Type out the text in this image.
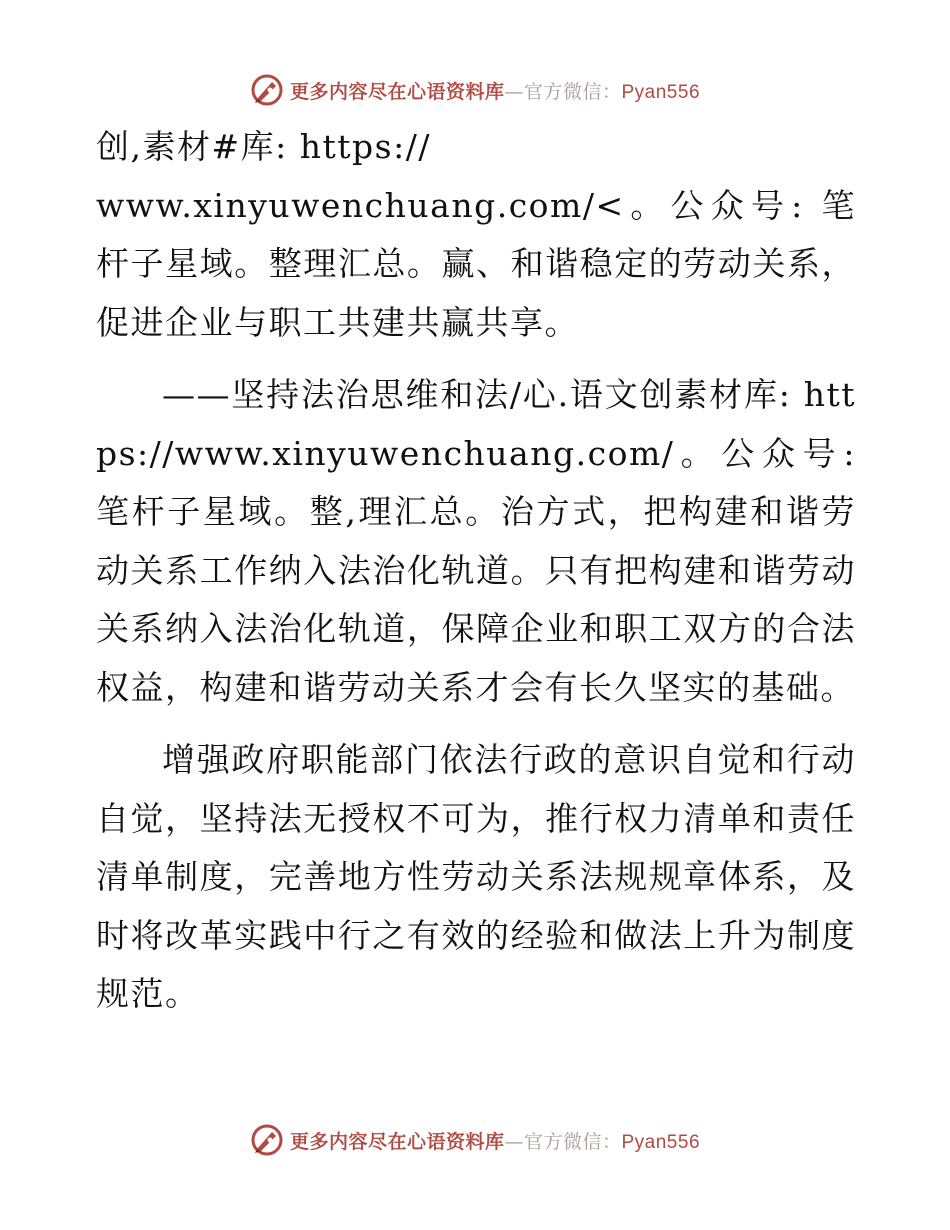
更多内容尽在心语资料库—官方微信：Pyan556

创,素材#库: https://
www.xinyuwenchuang.com/<。公众号: 笔杆子星域。整理汇总。赢、和谐稳定的劳动关系，促进企业与职工共建共赢共享。

——坚持法治思维和法/心.语文创素材库: https://www.xinyuwenchuang.com/。公众号: 笔杆子星域。整,理汇总。治方式，把构建和谐劳动关系工作纳入法治化轨道。只有把构建和谐劳动关系纳入法治化轨道，保障企业和职工双方的合法权益，构建和谐劳动关系才会有长久坚实的基础。

增强政府职能部门依法行政的意识自觉和行动自觉，坚持法无授权不可为，推行权力清单和责任清单制度，完善地方性劳动关系法规规章体系，及时将改革实践中行之有效的经验和做法上升为制度规范。

更多内容尽在心语资料库—官方微信：Pyan556
